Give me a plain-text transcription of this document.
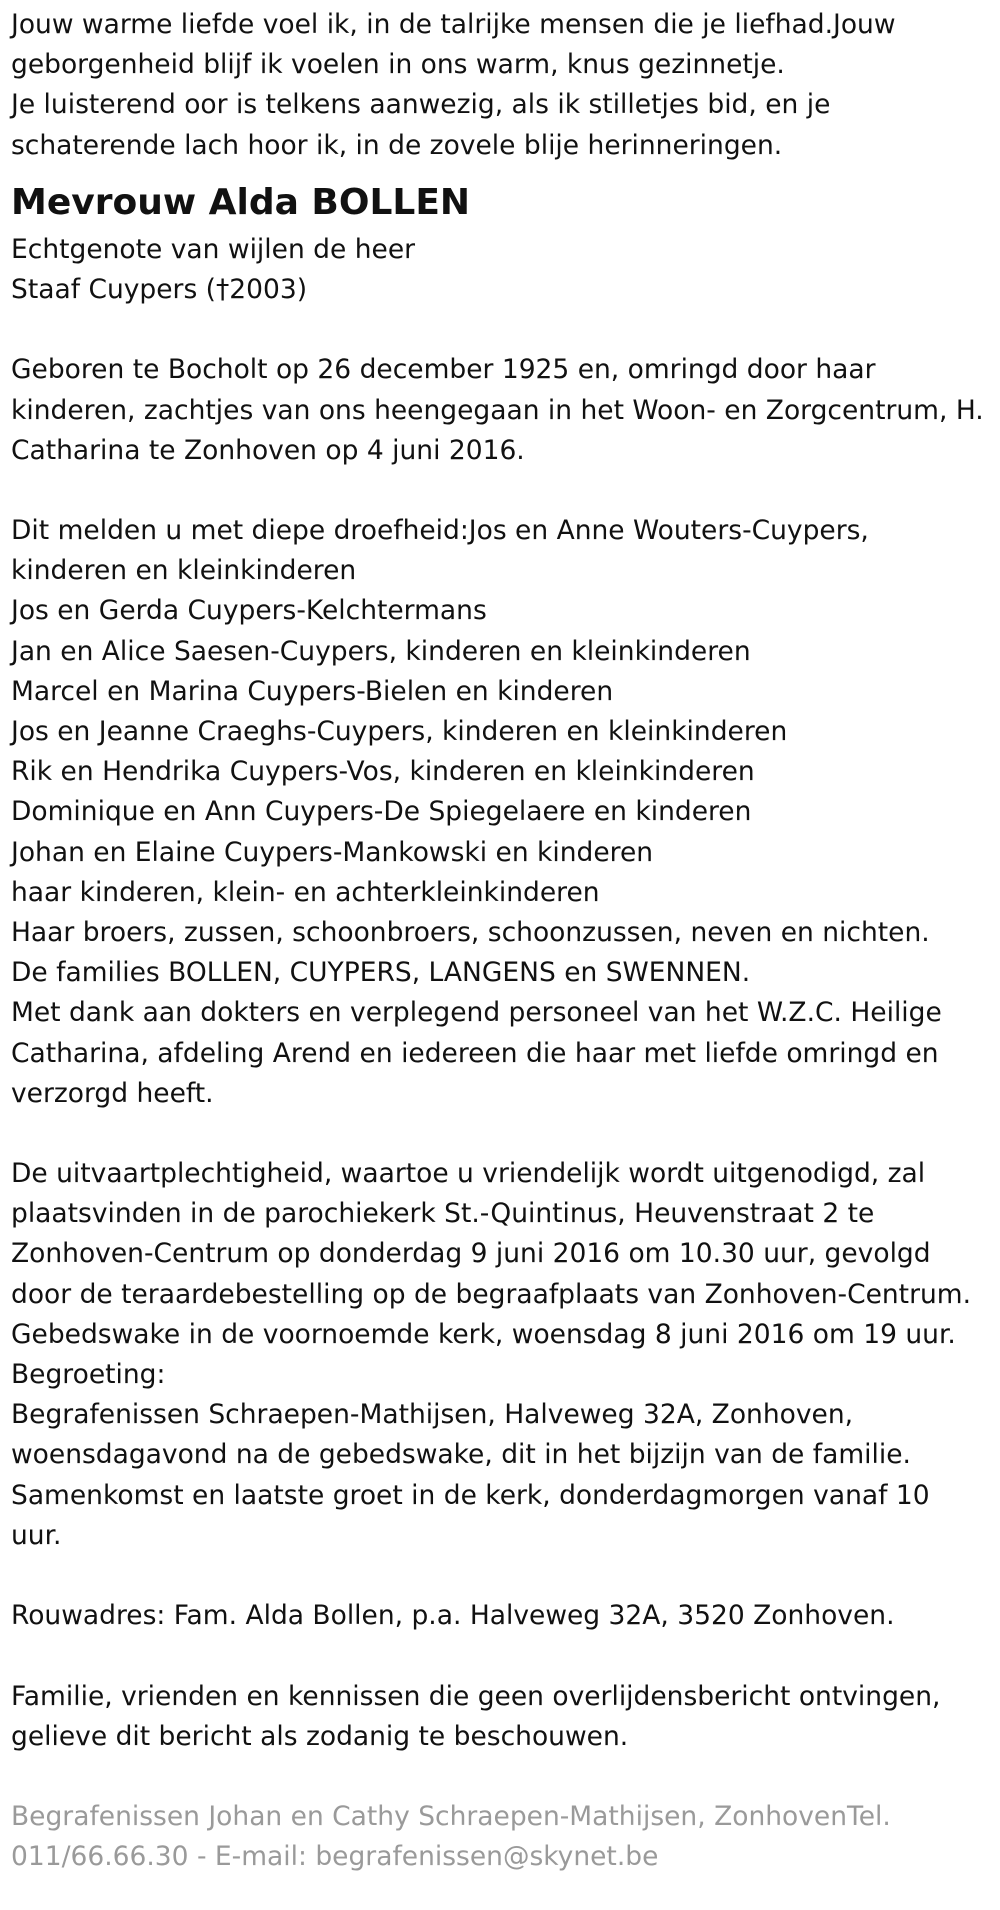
Jouw warme liefde voel ik, in de talrijke mensen die je liefhad.Jouw
geborgenheid blijf ik voelen in ons warm, knus gezinnetje.
Je luisterend oor is telkens aanwezig, als ik stilletjes bid, en je
schaterende lach hoor ik, in de zovele blije herinneringen.
Mevrouw Alda BOLLEN
Echtgenote van wijlen de heer
Staaf Cuypers (†2003)
Geboren te Bocholt op 26 december 1925 en, omringd door haar
kinderen, zachtjes van ons heengegaan in het Woon- en Zorgcentrum, H.
Catharina te Zonhoven op 4 juni 2016.
Dit melden u met diepe droefheid:Jos en Anne Wouters-Cuypers,
kinderen en kleinkinderen
Jos en Gerda Cuypers-Kelchtermans
Jan en Alice Saesen-Cuypers, kinderen en kleinkinderen
Marcel en Marina Cuypers-Bielen en kinderen
Jos en Jeanne Craeghs-Cuypers, kinderen en kleinkinderen
Rik en Hendrika Cuypers-Vos, kinderen en kleinkinderen
Dominique en Ann Cuypers-De Spiegelaere en kinderen
Johan en Elaine Cuypers-Mankowski en kinderen
haar kinderen, klein- en achterkleinkinderen
Haar broers, zussen, schoonbroers, schoonzussen, neven en nichten.
De families BOLLEN, CUYPERS, LANGENS en SWENNEN.
Met dank aan dokters en verplegend personeel van het W.Z.C. Heilige
Catharina, afdeling Arend en iedereen die haar met liefde omringd en
verzorgd heeft.
De uitvaartplechtigheid, waartoe u vriendelijk wordt uitgenodigd, zal
plaatsvinden in de parochiekerk St.-Quintinus, Heuvenstraat 2 te
Zonhoven-Centrum op donderdag 9 juni 2016 om 10.30 uur, gevolgd
door de teraardebestelling op de begraafplaats van Zonhoven-Centrum.
Gebedswake in de voornoemde kerk, woensdag 8 juni 2016 om 19 uur.
Begroeting:
Begrafenissen Schraepen-Mathijsen, Halveweg 32A, Zonhoven,
woensdagavond na de gebedswake, dit in het bijzijn van de familie.
Samenkomst en laatste groet in de kerk, donderdagmorgen vanaf 10
uur.
Rouwadres: Fam. Alda Bollen, p.a. Halveweg 32A, 3520 Zonhoven.
Familie, vrienden en kennissen die geen overlijdensbericht ontvingen,
gelieve dit bericht als zodanig te beschouwen.
Begrafenissen Johan en Cathy Schraepen-Mathijsen, ZonhovenTel.
011/66.66.30 - E-mail: begrafenissen@skynet.be
